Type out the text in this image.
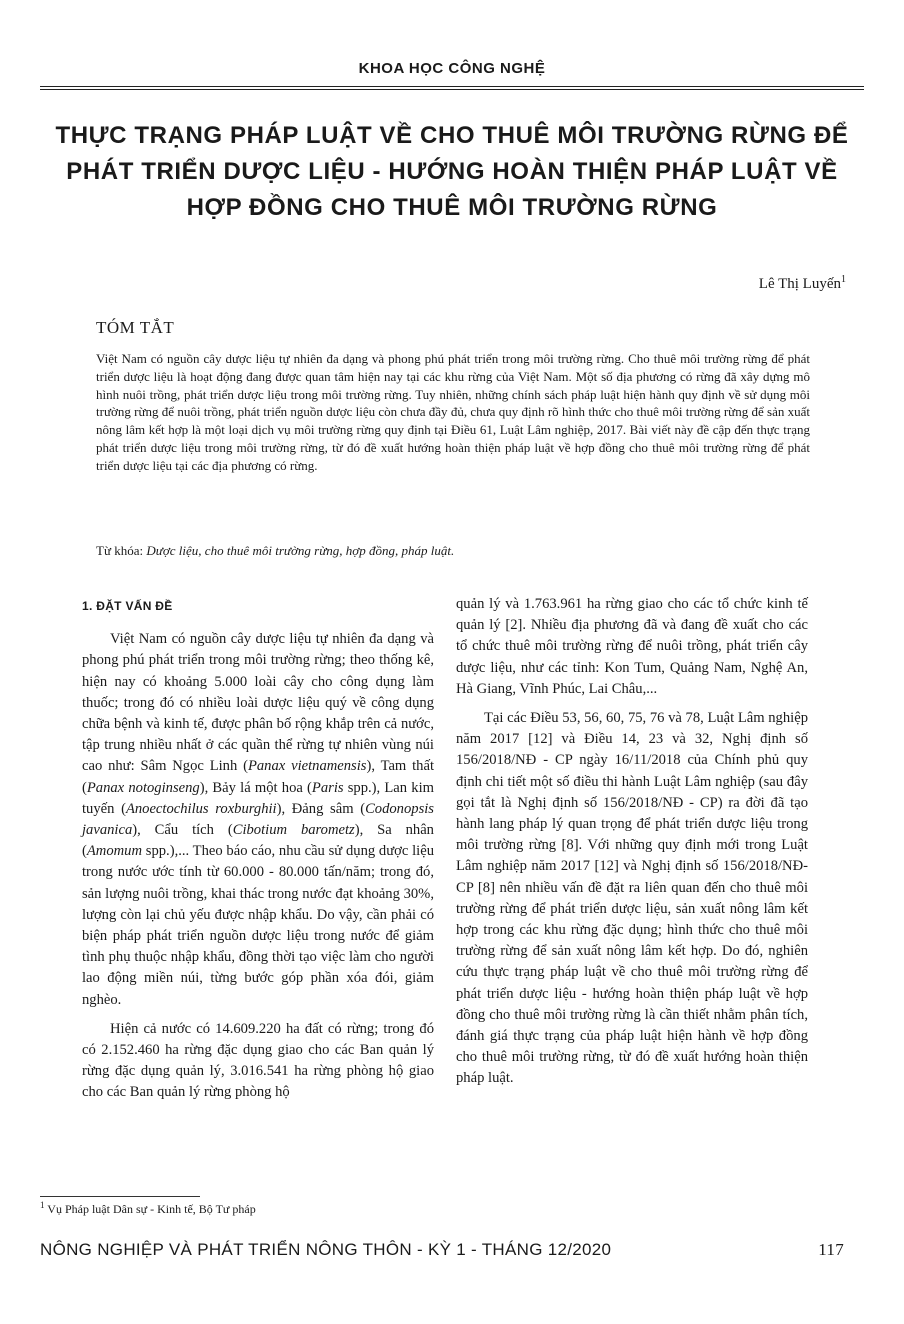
KHOA HỌC CÔNG NGHỆ
THỰC TRẠNG PHÁP LUẬT VỀ CHO THUÊ MÔI TRƯỜNG RỪNG ĐỂ PHÁT TRIỂN DƯỢC LIỆU - HƯỚNG HOÀN THIỆN PHÁP LUẬT VỀ HỢP ĐỒNG CHO THUÊ MÔI TRƯỜNG RỪNG
Lê Thị Luyến$^1$
TÓM TẮT

Việt Nam có nguồn cây dược liệu tự nhiên đa dạng và phong phú phát triển trong môi trường rừng. Cho thuê môi trường rừng để phát triển dược liệu là hoạt động đang được quan tâm hiện nay tại các khu rừng của Việt Nam. Một số địa phương có rừng đã xây dựng mô hình nuôi trồng, phát triển dược liệu trong môi trường rừng. Tuy nhiên, những chính sách pháp luật hiện hành quy định về sử dụng môi trường rừng để nuôi trồng, phát triển nguồn dược liệu còn chưa đầy đủ, chưa quy định rõ hình thức cho thuê môi trường rừng để sản xuất nông lâm kết hợp là một loại dịch vụ môi trường rừng quy định tại Điều 61, Luật Lâm nghiệp, 2017. Bài viết này đề cập đến thực trạng phát triển dược liệu trong môi trường rừng, từ đó đề xuất hướng hoàn thiện pháp luật về hợp đồng cho thuê môi trường rừng để phát triển dược liệu tại các địa phương có rừng.

Từ khóa: Dược liệu, cho thuê môi trường rừng, hợp đồng, pháp luật.

1. ĐẶT VẤN ĐỀ

Việt Nam có nguồn cây dược liệu tự nhiên đa dạng và phong phú phát triển trong môi trường rừng; theo thống kê, hiện nay có khoảng 5.000 loài cây cho công dụng làm thuốc; trong đó có nhiều loài dược liệu quý về công dụng chữa bệnh và kinh tế, được phân bố rộng khắp trên cả nước, tập trung nhiều nhất ở các quần thể rừng tự nhiên vùng núi cao như: Sâm Ngọc Linh (Panax vietnamensis), Tam thất (Panax notoginseng), Bảy lá một hoa (Paris spp.), Lan kim tuyến (Anoectochilus roxburghii), Đảng sâm (Codonopsis javanica), Cẩu tích (Cibotium barometz), Sa nhân (Amomum spp.),... Theo báo cáo, nhu cầu sử dụng dược liệu trong nước ước tính từ 60.000 - 80.000 tấn/năm; trong đó, sản lượng nuôi trồng, khai thác trong nước đạt khoảng 30%, lượng còn lại chủ yếu được nhập khẩu. Do vậy, cần phải có biện pháp phát triển nguồn dược liệu trong nước để giảm tình phụ thuộc nhập khẩu, đồng thời tạo việc làm cho người lao động miền núi, từng bước góp phần xóa đói, giảm nghèo.

Hiện cả nước có 14.609.220 ha đất có rừng; trong đó có 2.152.460 ha rừng đặc dụng giao cho các Ban quản lý rừng đặc dụng quản lý, 3.016.541 ha rừng phòng hộ giao cho các Ban quản lý rừng phòng hộ

quản lý và 1.763.961 ha rừng giao cho các tổ chức kinh tế quản lý [2]. Nhiều địa phương đã và đang đề xuất cho các tổ chức thuê môi trường rừng để nuôi trồng, phát triển cây dược liệu, như các tỉnh: Kon Tum, Quảng Nam, Nghệ An, Hà Giang, Vĩnh Phúc, Lai Châu,...

Tại các Điều 53, 56, 60, 75, 76 và 78, Luật Lâm nghiệp năm 2017 [12] và Điều 14, 23 và 32, Nghị định số 156/2018/NĐ - CP ngày 16/11/2018 của Chính phủ quy định chi tiết một số điều thi hành Luật Lâm nghiệp (sau đây gọi tắt là Nghị định số 156/2018/NĐ - CP) ra đời đã tạo hành lang pháp lý quan trọng để phát triển dược liệu trong môi trường rừng [8]. Với những quy định mới trong Luật Lâm nghiệp năm 2017 [12] và Nghị định số 156/2018/NĐ-CP [8] nên nhiều vấn đề đặt ra liên quan đến cho thuê môi trường rừng để phát triển dược liệu, sản xuất nông lâm kết hợp trong các khu rừng đặc dụng; hình thức cho thuê môi trường rừng để sản xuất nông lâm kết hợp. Do đó, nghiên cứu thực trạng pháp luật về cho thuê môi trường rừng để phát triển dược liệu - hướng hoàn thiện pháp luật về hợp đồng cho thuê môi trường rừng là cần thiết nhằm phân tích, đánh giá thực trạng của pháp luật hiện hành về hợp đồng cho thuê môi trường rừng, từ đó đề xuất hướng hoàn thiện pháp luật.

$^1$ Vụ Pháp luật Dân sự - Kinh tế, Bộ Tư pháp
NÔNG NGHIỆP VÀ PHÁT TRIỂN NÔNG THÔN - KỲ 1 - THÁNG 12/2020	117
